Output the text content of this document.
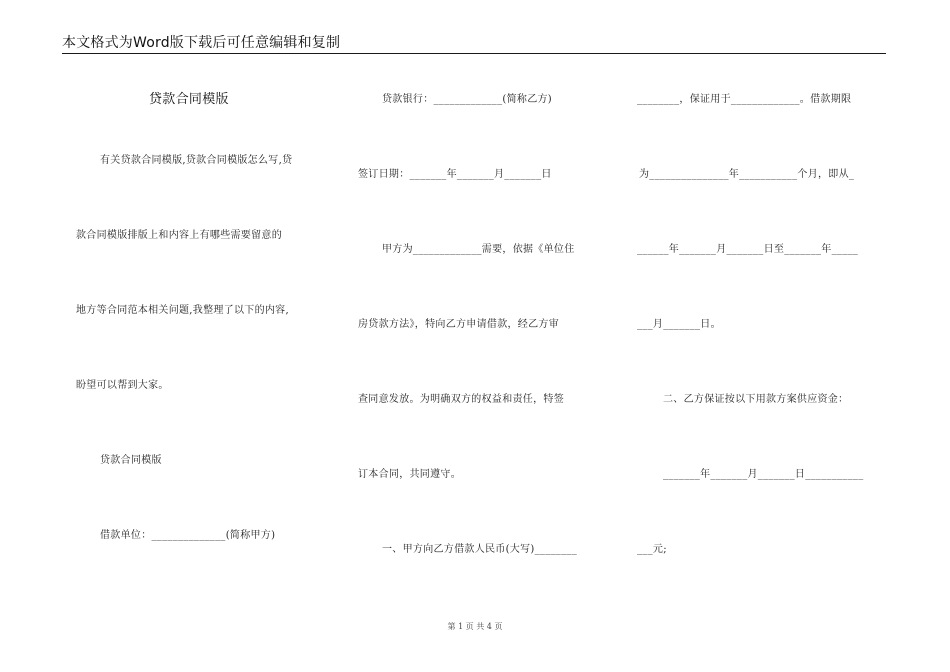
本文格式为Word版下载后可任意编辑和复制
贷款合同模版
有关贷款合同模版,贷款合同模版怎么写,贷
款合同模版排版上和内容上有哪些需要留意的
地方等合同范本相关问题,我整理了以下的内容,
盼望可以帮到大家。
贷款合同模版
借款单位：______________(简称甲方)
贷款银行：_____________(简称乙方)
签订日期：_______年_______月_______日
甲方为_____________需要，依据《单位住
房贷款方法》，特向乙方申请借款，经乙方审
查同意发放。为明确双方的权益和责任，特签
订本合同，共同遵守。
一、甲方向乙方借款人民币(大写)________
________，保证用于_____________。借款期限
为_______________年___________个月，即从_
______年_______月_______日至_______年_____
___月_______日。
二、乙方保证按以下用款方案供应资金：
_______年_______月_______日___________
___元;
第 1 页 共 4 页
